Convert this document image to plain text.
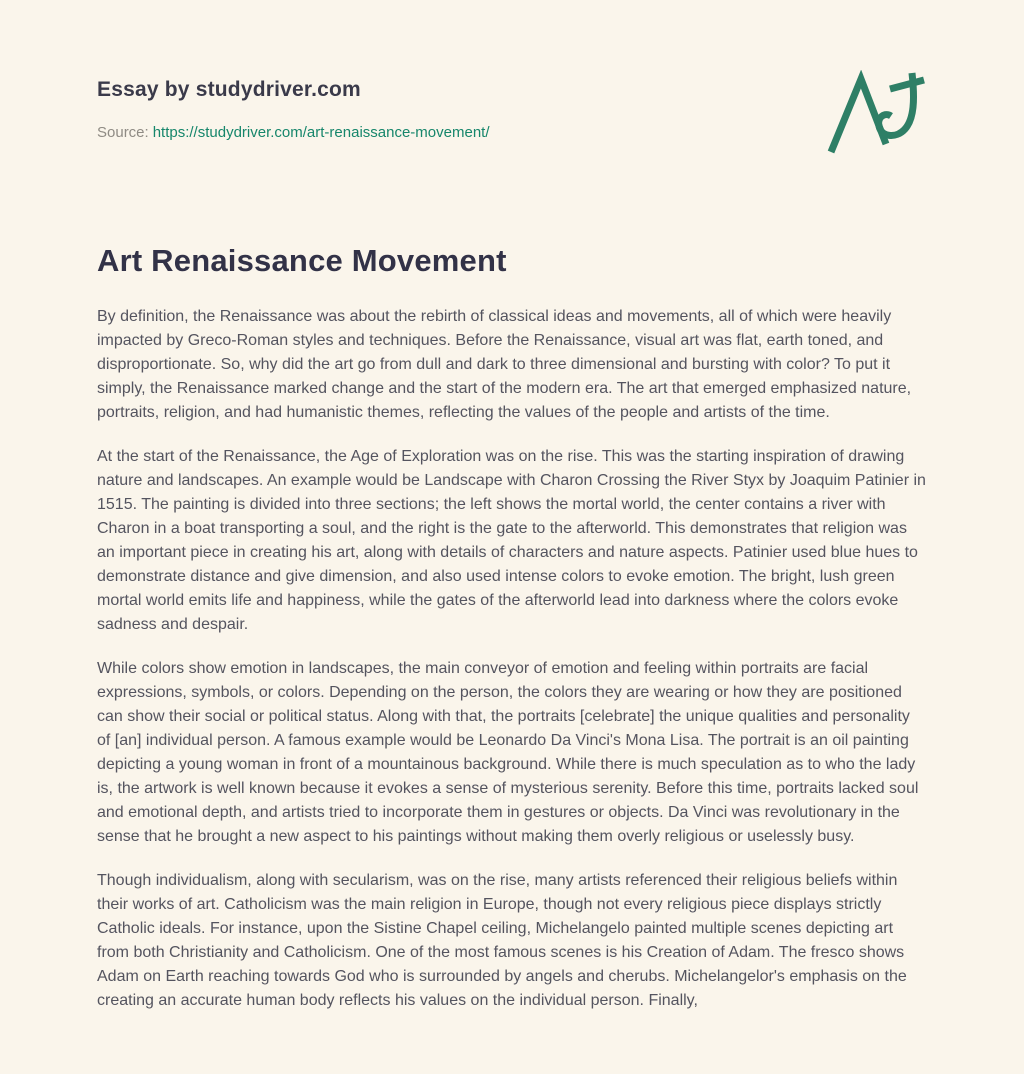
Essay by studydriver.com
Source: https://studydriver.com/art-renaissance-movement/
Art Renaissance Movement

By definition, the Renaissance was about the rebirth of classical ideas and movements, all of which were heavily impacted by Greco-Roman styles and techniques. Before the Renaissance, visual art was flat, earth toned, and disproportionate. So, why did the art go from dull and dark to three dimensional and bursting with color? To put it simply, the Renaissance marked change and the start of the modern era. The art that emerged emphasized nature, portraits, religion, and had humanistic themes, reflecting the values of the people and artists of the time.

At the start of the Renaissance, the Age of Exploration was on the rise. This was the starting inspiration of drawing nature and landscapes. An example would be Landscape with Charon Crossing the River Styx by Joaquim Patinier in 1515. The painting is divided into three sections; the left shows the mortal world, the center contains a river with Charon in a boat transporting a soul, and the right is the gate to the afterworld. This demonstrates that religion was an important piece in creating his art, along with details of characters and nature aspects. Patinier used blue hues to demonstrate distance and give dimension, and also used intense colors to evoke emotion. The bright, lush green mortal world emits life and happiness, while the gates of the afterworld lead into darkness where the colors evoke sadness and despair.

While colors show emotion in landscapes, the main conveyor of emotion and feeling within portraits are facial expressions, symbols, or colors. Depending on the person, the colors they are wearing or how they are positioned can show their social or political status. Along with that, the portraits [celebrate] the unique qualities and personality of [an] individual person. A famous example would be Leonardo Da Vinci's Mona Lisa. The portrait is an oil painting depicting a young woman in front of a mountainous background. While there is much speculation as to who the lady is, the artwork is well known because it evokes a sense of mysterious serenity. Before this time, portraits lacked soul and emotional depth, and artists tried to incorporate them in gestures or objects. Da Vinci was revolutionary in the sense that he brought a new aspect to his paintings without making them overly religious or uselessly busy.

Though individualism, along with secularism, was on the rise, many artists referenced their religious beliefs within their works of art. Catholicism was the main religion in Europe, though not every religious piece displays strictly Catholic ideals. For instance, upon the Sistine Chapel ceiling, Michelangelo painted multiple scenes depicting art from both Christianity and Catholicism. One of the most famous scenes is his Creation of Adam. The fresco shows Adam on Earth reaching towards God who is surrounded by angels and cherubs. Michelangelor's emphasis on the creating an accurate human body reflects his values on the individual person. Finally,
